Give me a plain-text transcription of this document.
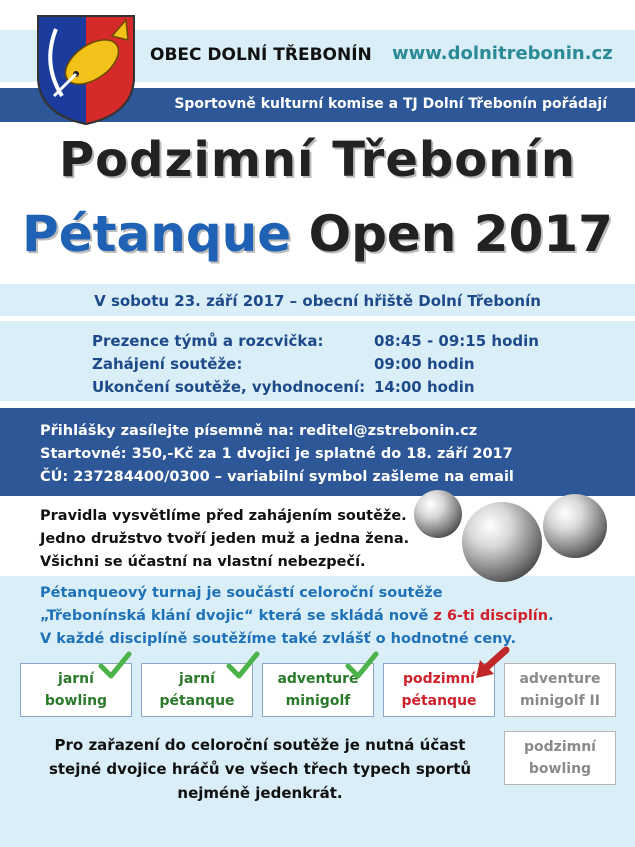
OBEC DOLNÍ TŘEBONÍN www.dolnitrebonin.cz
Sportovně kulturní komise a TJ Dolní Třebonín pořádají
Podzimní Třebonín
Pétanque Open 2017
V sobotu 23. září 2017 – obecní hřiště Dolní Třebonín
Prezence týmů a rozcvička:	08:45 - 09:15 hodin
Zahájení soutěže:	09:00 hodin
Ukončení soutěže, vyhodnocení: 14:00 hodin
Přihlášky zasílejte písemně na: reditel@zstrebonin.cz
Startovné: 350,-Kč za 1 dvojici je splatné do 18. září 2017
ČÚ: 237284400/0300 – variabilní symbol zašleme na email
Pravidla vysvětlíme před zahájením soutěže.
Jedno družstvo tvoří jeden muž a jedna žena.
Všichni se účastní na vlastní nebezpečí.
Pétanqueový turnaj je součástí celoroční soutěže
„Třebonínská klání dvojic“ která se skládá nově z 6-ti disciplín.
V každé disciplíně soutěžíme také zvlášť o hodnotné ceny.
jarní
bowling
jarní
pétanque
adventure
minigolf
podzimní
pétanque
adventure
minigolf II
podzimní
bowling
Pro zařazení do celoroční soutěže je nutná účast
stejné dvojice hráčů ve všech třech typech sportů
nejméně jedenkrát.
